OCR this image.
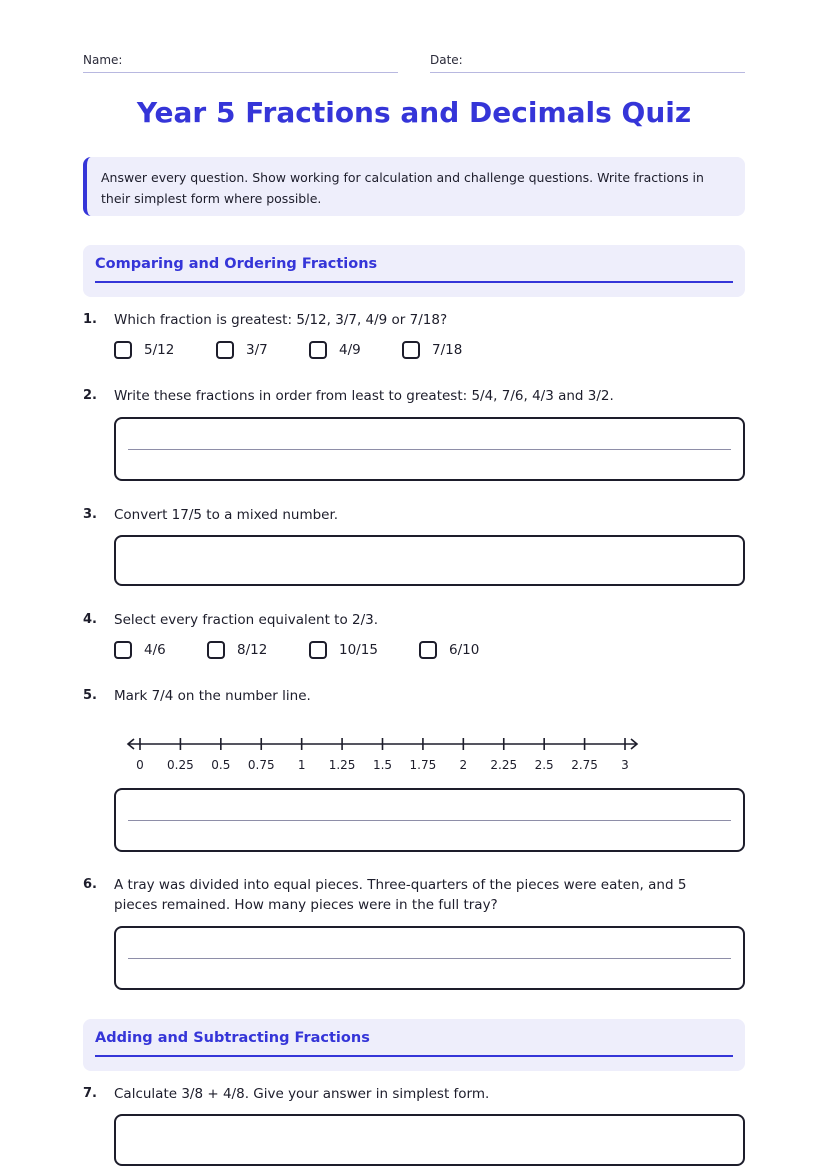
Name:	Date:
Year 5 Fractions and Decimals Quiz
Answer every question. Show working for calculation and challenge questions. Write fractions in their simplest form where possible.
Comparing and Ordering Fractions
1. Which fraction is greatest: 5/12, 3/7, 4/9 or 7/18?
5/12	3/7	4/9	7/18
2. Write these fractions in order from least to greatest: 5/4, 7/6, 4/3 and 3/2.
3. Convert 17/5 to a mixed number.
4. Select every fraction equivalent to 2/3.
4/6	8/12	10/15	6/10
5. Mark 7/4 on the number line.
0	0.25	0.5	0.75	1	1.25	1.5	1.75	2	2.25	2.5	2.75	3
6. A tray was divided into equal pieces. Three-quarters of the pieces were eaten, and 5 pieces remained. How many pieces were in the full tray?
Adding and Subtracting Fractions
7. Calculate 3/8 + 4/8. Give your answer in simplest form.
